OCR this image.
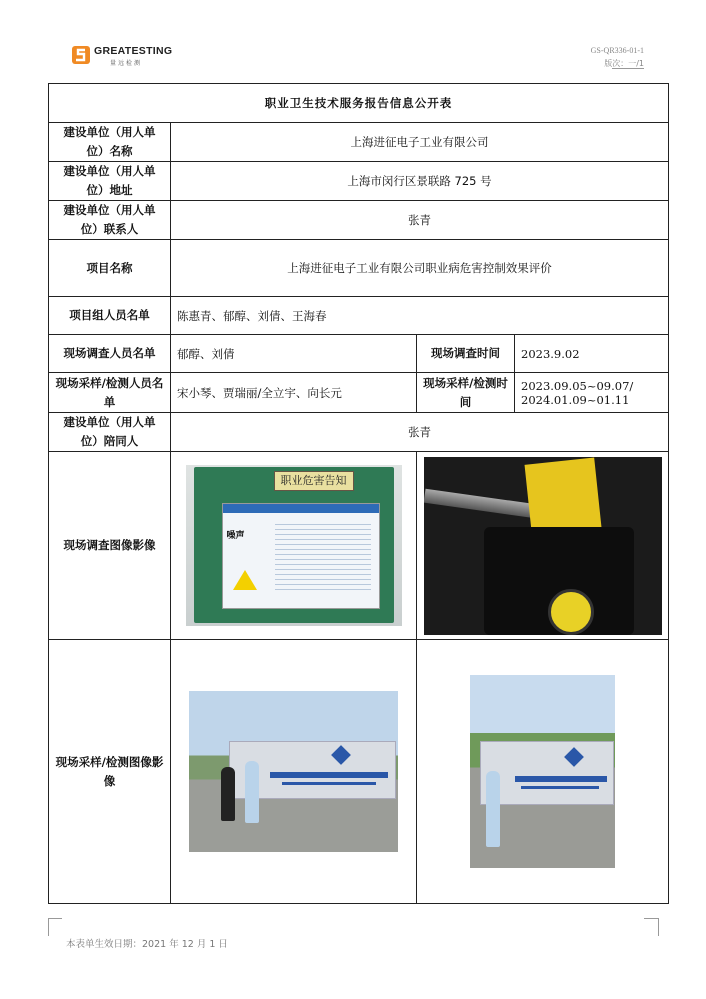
GREATESTING
量远检测
GS-QR336-01-1
版次：一/1
职业卫生技术服务报告信息公开表			
建设单位（用人单位）名称	上海进征电子工业有限公司		
建设单位（用人单位）地址	上海市闵行区景联路 725 号		
建设单位（用人单位）联系人	张青		
项目名称	上海进征电子工业有限公司职业病危害控制效果评价		
项目组人员名单	陈惠青、郁醇、刘倩、王海春		
现场调查人员名单	郁醇、刘倩	现场调查时间	2023.9.02
现场采样/检测人员名单	宋小琴、贾瑞丽/全立宇、向长元	现场采样/检测时间	2023.09.05~09.07/
2024.01.09~01.11

建设单位（用人单位）陪同人	张青		
现场调查图像影像	职业危害告知
噪声		

现场采样/检测图像影像		

本表单生效日期：2021 年 12 月 1 日
